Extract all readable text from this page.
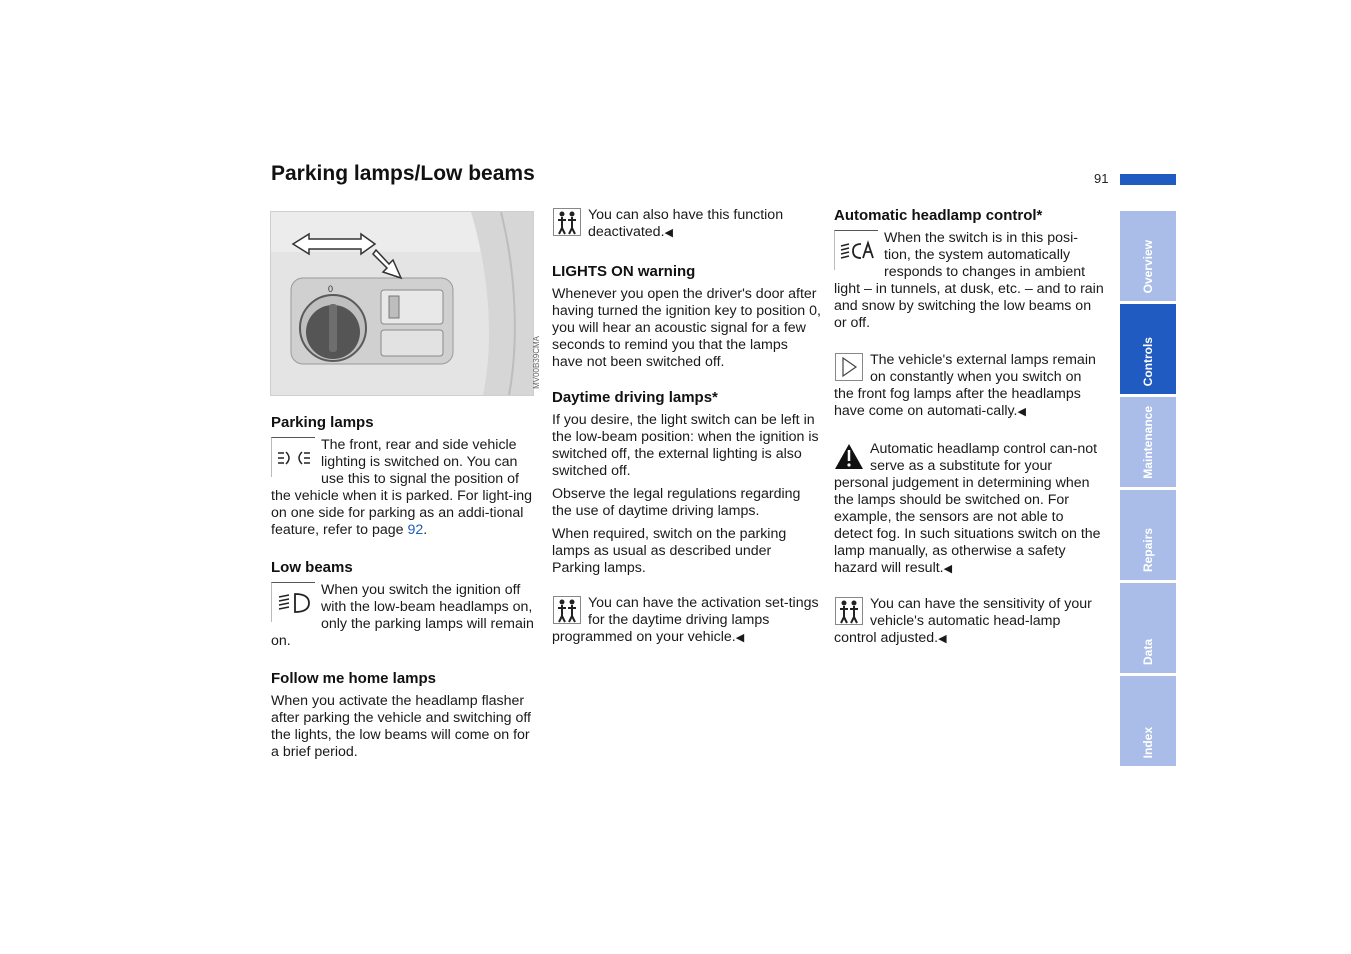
Parking lamps/Low beams	91
0
MV00B39CMA
Parking lamps

The front, rear and side vehicle lighting is switched on. You can use this to signal the position of the vehicle when it is parked. For light-ing on one side for parking as an addi-tional feature, refer to page 92.

Low beams

When you switch the ignition off with the low-beam headlamps on, only the parking lamps will remain on.

Follow me home lamps

When you activate the headlamp flasher after parking the vehicle and switching off the lights, the low beams will come on for a brief period.

You can also have this function deactivated.◀

LIGHTS ON warning

Whenever you open the driver's door after having turned the ignition key to position 0, you will hear an acoustic signal for a few seconds to remind you that the lamps have not been switched off.

Daytime driving lamps*

If you desire, the light switch can be left in the low-beam position: when the ignition is switched off, the external lighting is also switched off.

Observe the legal regulations regarding the use of daytime driving lamps.

When required, switch on the parking lamps as usual as described under Parking lamps.

You can have the activation set-tings for the daytime driving lamps programmed on your vehicle.◀

Automatic headlamp control*

When the switch is in this posi-tion, the system automatically responds to changes in ambient light – in tunnels, at dusk, etc. – and to rain and snow by switching the low beams on or off.

The vehicle's external lamps remain on constantly when you switch on the front fog lamps after the headlamps have come on automati-cally.◀

Automatic headlamp control can-not serve as a substitute for your personal judgement in determining when the lamps should be switched on. For example, the sensors are not able to detect fog. In such situations switch on the lamp manually, as otherwise a safety hazard will result.◀

You can have the sensitivity of your vehicle's automatic head-lamp control adjusted.◀

Overview
Controls
Maintenance
Repairs
Data
Index
